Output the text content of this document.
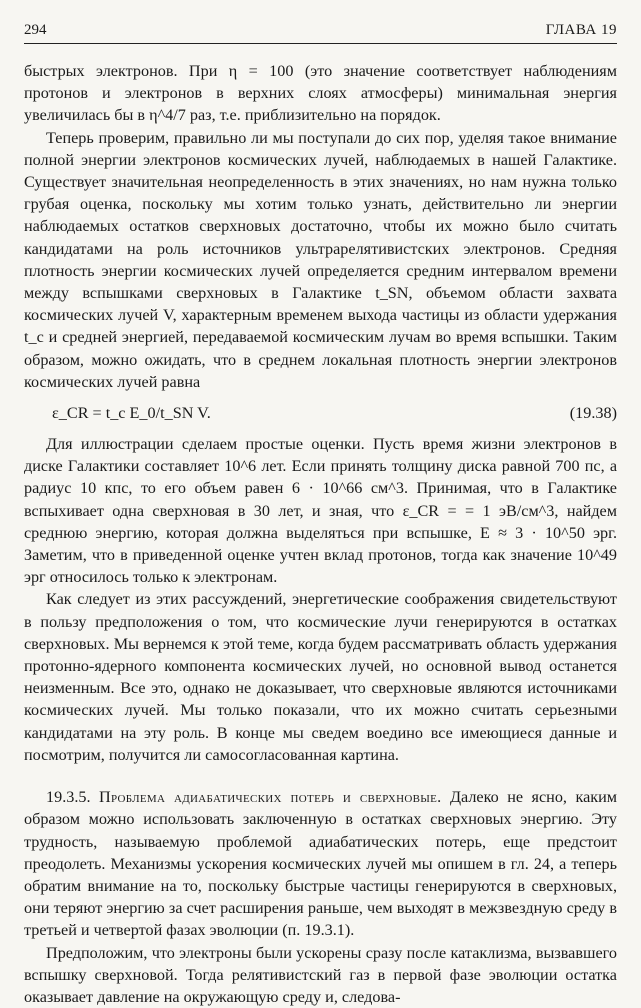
294	ГЛАВА 19

быстрых электронов. При η = 100 (это значение соответствует наблюдениям протонов и электронов в верхних слоях атмосферы) минимальная энергия увеличилась бы в η^4/7 раз, т.е. приблизительно на порядок.

Теперь проверим, правильно ли мы поступали до сих пор, уделяя такое внимание полной энергии электронов космических лучей, наблюдаемых в нашей Галактике. Существует значительная неопределенность в этих значениях, но нам нужна только грубая оценка, поскольку мы хотим только узнать, действительно ли энергии наблюдаемых остатков сверхновых достаточно, чтобы их можно было считать кандидатами на роль источников ультрарелятивистских электронов. Средняя плотность энергии космических лучей определяется средним интервалом времени между вспышками сверхновых в Галактике t_SN, объемом области захвата космических лучей V, характерным временем выхода частицы из области удержания t_c и средней энергией, передаваемой космическим лучам во время вспышки. Таким образом, можно ожидать, что в среднем локальная плотность энергии электронов космических лучей равна

ε_CR = t_c E_0/t_SN V.	(19.38)

Для иллюстрации сделаем простые оценки. Пусть время жизни электронов в диске Галактики составляет 10^6 лет. Если принять толщину диска равной 700 пс, а радиус 10 кпс, то его объем равен 6 · 10^66 см^3. Принимая, что в Галактике вспыхивает одна сверхновая в 30 лет, и зная, что ε_CR = = 1 эВ/см^3, найдем среднюю энергию, которая должна выделяться при вспышке, E ≈ 3 · 10^50 эрг. Заметим, что в приведенной оценке учтен вклад протонов, тогда как значение 10^49 эрг относилось только к электронам.

Как следует из этих рассуждений, энергетические соображения свидетельствуют в пользу предположения о том, что космические лучи генерируются в остатках сверхновых. Мы вернемся к этой теме, когда будем рассматривать область удержания протонно-ядерного компонента космических лучей, но основной вывод останется неизменным. Все это, однако не доказывает, что сверхновые являются источниками космических лучей. Мы только показали, что их можно считать серьезными кандидатами на эту роль. В конце мы сведем воедино все имеющиеся данные и посмотрим, получится ли самосогласованная картина.

19.3.5. Проблема адиабатических потерь и сверхновые. Далеко не ясно, каким образом можно использовать заключенную в остатках сверхновых энергию. Эту трудность, называемую проблемой адиабатических потерь, еще предстоит преодолеть. Механизмы ускорения космических лучей мы опишем в гл. 24, а теперь обратим внимание на то, поскольку быстрые частицы генерируются в сверхновых, они теряют энергию за счет расширения раньше, чем выходят в межзвездную среду в третьей и четвертой фазах эволюции (п. 19.3.1).

Предположим, что электроны были ускорены сразу после катаклизма, вызвавшего вспышку сверхновой. Тогда релятивистский газ в первой фазе эволюции остатка оказывает давление на окружающую среду и, следова-
